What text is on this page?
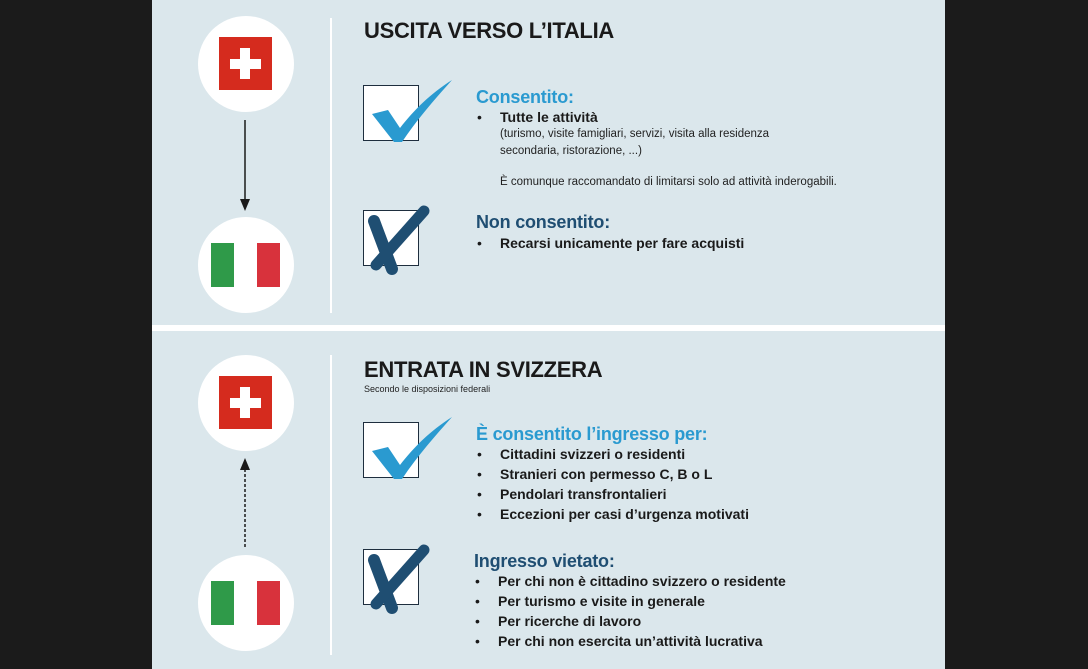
USCITA VERSO L’ITALIA
Consentito:
• Tutte le attività
(turismo, visite famigliari, servizi, visita alla residenza
secondaria, ristorazione, ...)
È comunque raccomandato di limitarsi solo ad attività inderogabili.
Non consentito:
• Recarsi unicamente per fare acquisti
ENTRATA IN SVIZZERA
Secondo le disposizioni federali
È consentito l’ingresso per:
• Cittadini svizzeri o residenti
• Stranieri con permesso C, B o L
• Pendolari transfrontalieri
• Eccezioni per casi d’urgenza motivati
Ingresso vietato:
• Per chi non è cittadino svizzero o residente
• Per turismo e visite in generale
• Per ricerche di lavoro
• Per chi non esercita un’attività lucrativa
